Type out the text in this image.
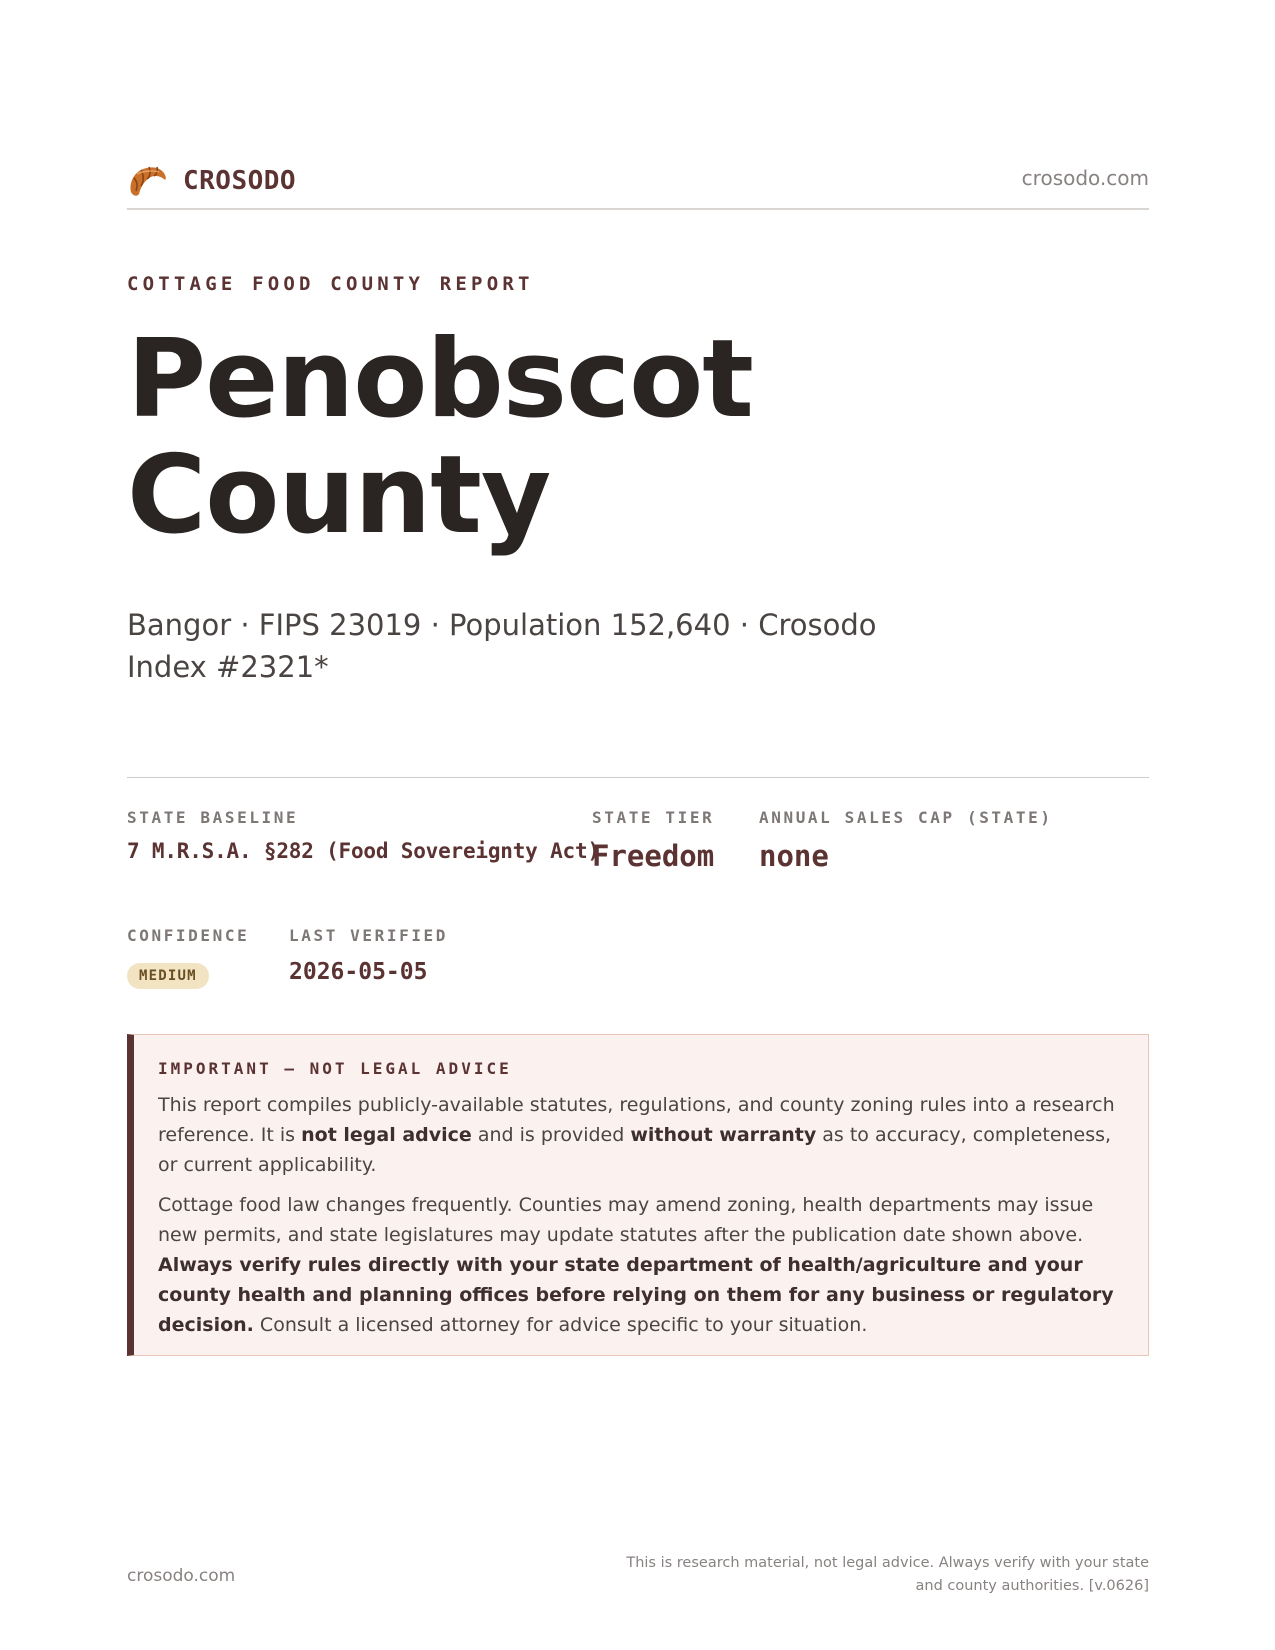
CROSODO	crosodo.com
COTTAGE FOOD COUNTY REPORT
Penobscot
County
Bangor · FIPS 23019 · Population 152,640 · Crosodo Index #2321*
STATE BASELINE
7 M.R.S.A. §282 (Food Sovereignty Act)
STATE TIER
Freedom
ANNUAL SALES CAP (STATE)
none
CONFIDENCE
MEDIUM
LAST VERIFIED
2026-05-05
IMPORTANT — NOT LEGAL ADVICE

This report compiles publicly-available statutes, regulations, and county zoning rules into a research reference. It is not legal advice and is provided without warranty as to accuracy, completeness, or current applicability.

Cottage food law changes frequently. Counties may amend zoning, health departments may issue new permits, and state legislatures may update statutes after the publication date shown above. Always verify rules directly with your state department of health/agriculture and your county health and planning offices before relying on them for any business or regulatory decision. Consult a licensed attorney for advice specific to your situation.

crosodo.com
This is research material, not legal advice. Always verify with your state
and county authorities. [v.0626]
